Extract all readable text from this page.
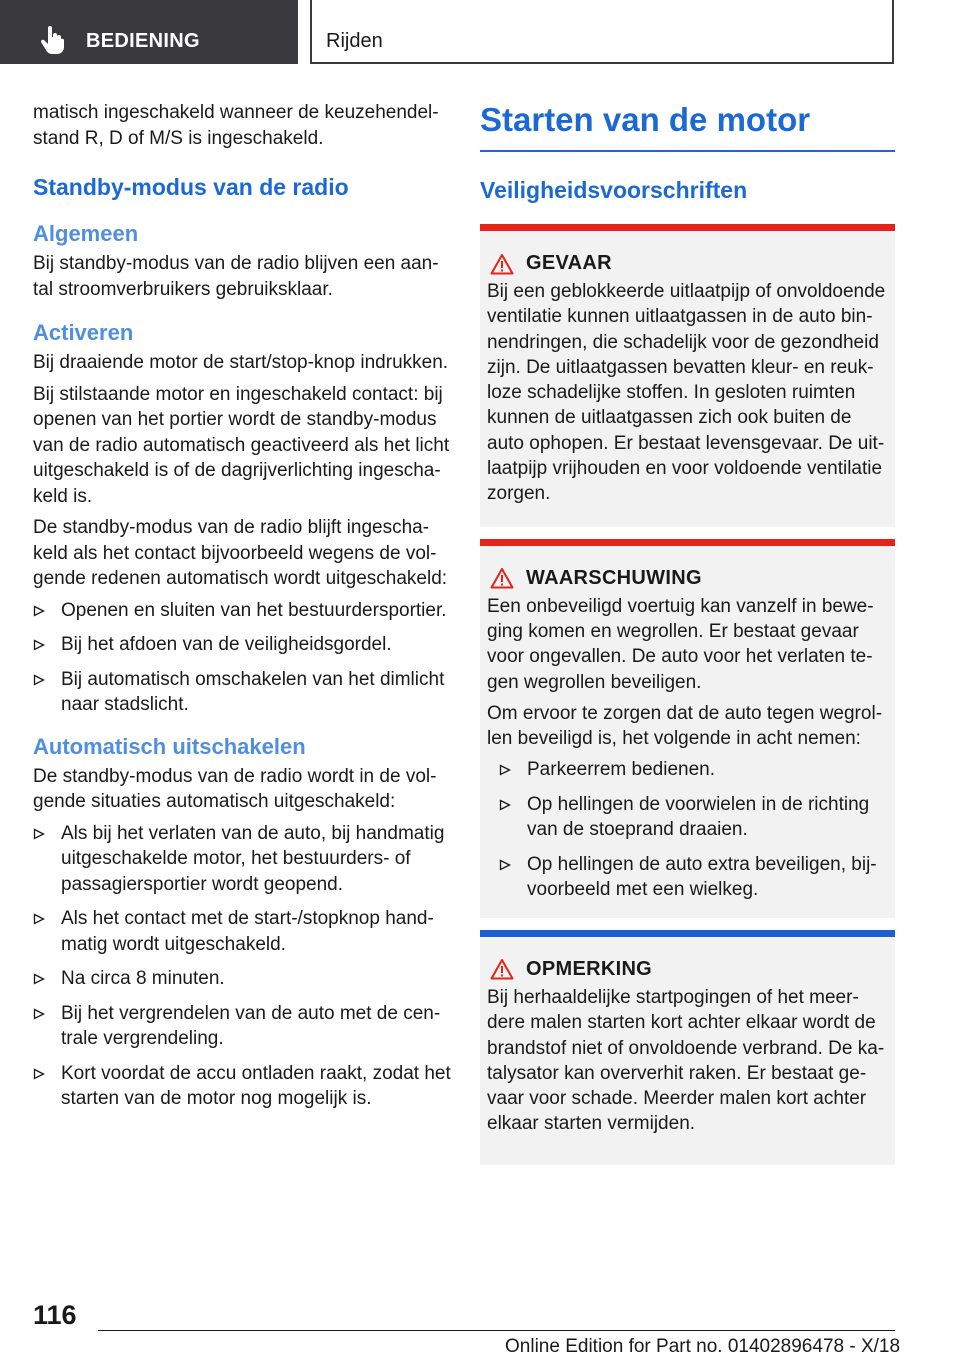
BEDIENING	Rijden

matisch ingeschakeld wanneer de keuzehendelstand R, D of M/S is ingeschakeld.

Standby-modus van de radio
Algemeen

Bij standby-modus van de radio blijven een aantal stroomverbruikers gebruiksklaar.

Activeren

Bij draaiende motor de start/stop-knop indrukken.

Bij stilstaande motor en ingeschakeld contact: bij openen van het portier wordt de standby-modus van de radio automatisch geactiveerd als het licht uitgeschakeld is of de dagrijverlichting ingeschakeld is.

De standby-modus van de radio blijft ingeschakeld als het contact bijvoorbeeld wegens de volgende redenen automatisch wordt uitgeschakeld:

Openen en sluiten van het bestuurdersportier.
Bij het afdoen van de veiligheidsgordel.
Bij automatisch omschakelen van het dimlicht naar stadslicht.
Automatisch uitschakelen

De standby-modus van de radio wordt in de volgende situaties automatisch uitgeschakeld:

Als bij het verlaten van de auto, bij handmatig uitgeschakelde motor, het bestuurders- of passagiersportier wordt geopend.
Als het contact met de start-/stopknop handmatig wordt uitgeschakeld.
Na circa 8 minuten.
Bij het vergrendelen van de auto met de centrale vergrendeling.
Kort voordat de accu ontladen raakt, zodat het starten van de motor nog mogelijk is.
Starten van de motor
Veiligheidsvoorschriften
GEVAAR

Bij een geblokkeerde uitlaatpijp of onvoldoende ventilatie kunnen uitlaatgassen in de auto binnendringen, die schadelijk voor de gezondheid zijn. De uitlaatgassen bevatten kleur- en reukloze schadelijke stoffen. In gesloten ruimten kunnen de uitlaatgassen zich ook buiten de auto ophopen. Er bestaat levensgevaar. De uitlaatpijp vrijhouden en voor voldoende ventilatie zorgen.

WAARSCHUWING

Een onbeveiligd voertuig kan vanzelf in beweging komen en wegrollen. Er bestaat gevaar voor ongevallen. De auto voor het verlaten tegen wegrollen beveiligen.

Om ervoor te zorgen dat de auto tegen wegrollen beveiligd is, het volgende in acht nemen:

Parkeerrem bedienen.
Op hellingen de voorwielen in de richting van de stoeprand draaien.
Op hellingen de auto extra beveiligen, bijvoorbeeld met een wielkeg.
OPMERKING

Bij herhaaldelijke startpogingen of het meerdere malen starten kort achter elkaar wordt de brandstof niet of onvoldoende verbrand. De katalysator kan oververhit raken. Er bestaat gevaar voor schade. Meerder malen kort achter elkaar starten vermijden.

116
Online Edition for Part no. 01402896478 - X/18
